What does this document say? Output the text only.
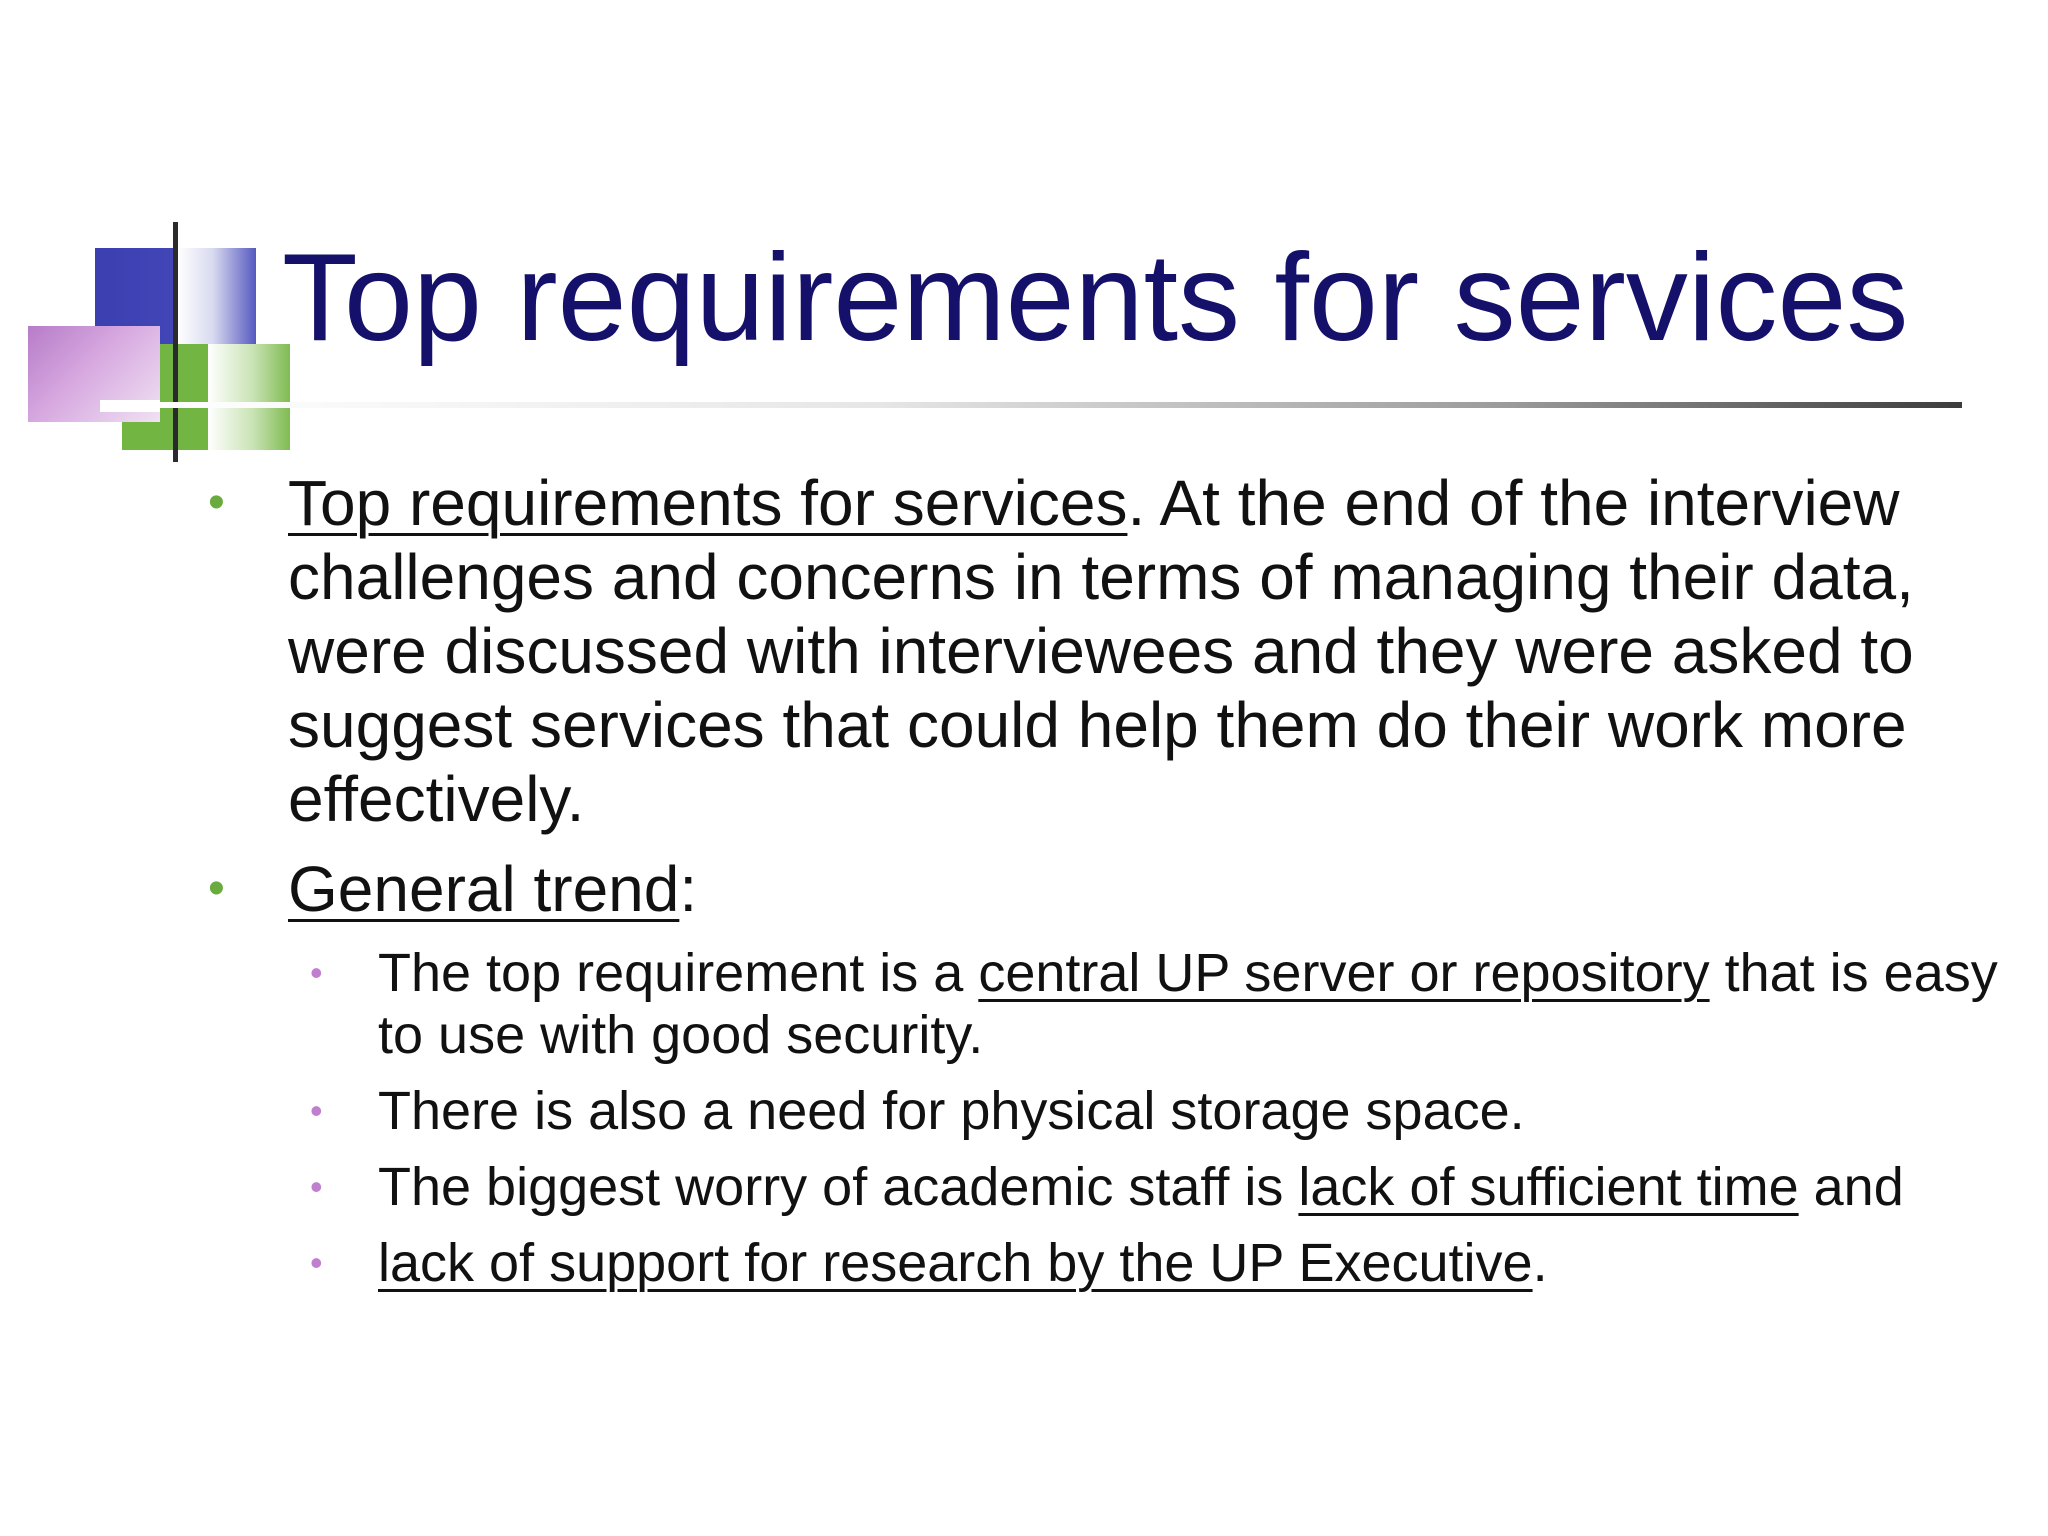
Top requirements for services
• Top requirements for services. At the end of the interview challenges and concerns in terms of managing their data, were discussed with interviewees and they were asked to suggest services that could help them do their work more effectively.
• General trend:
• The top requirement is a central UP server or repository that is easy to use with good security.
• There is also a need for physical storage space.
• The biggest worry of academic staff is lack of sufficient time and
• lack of support for research by the UP Executive.
